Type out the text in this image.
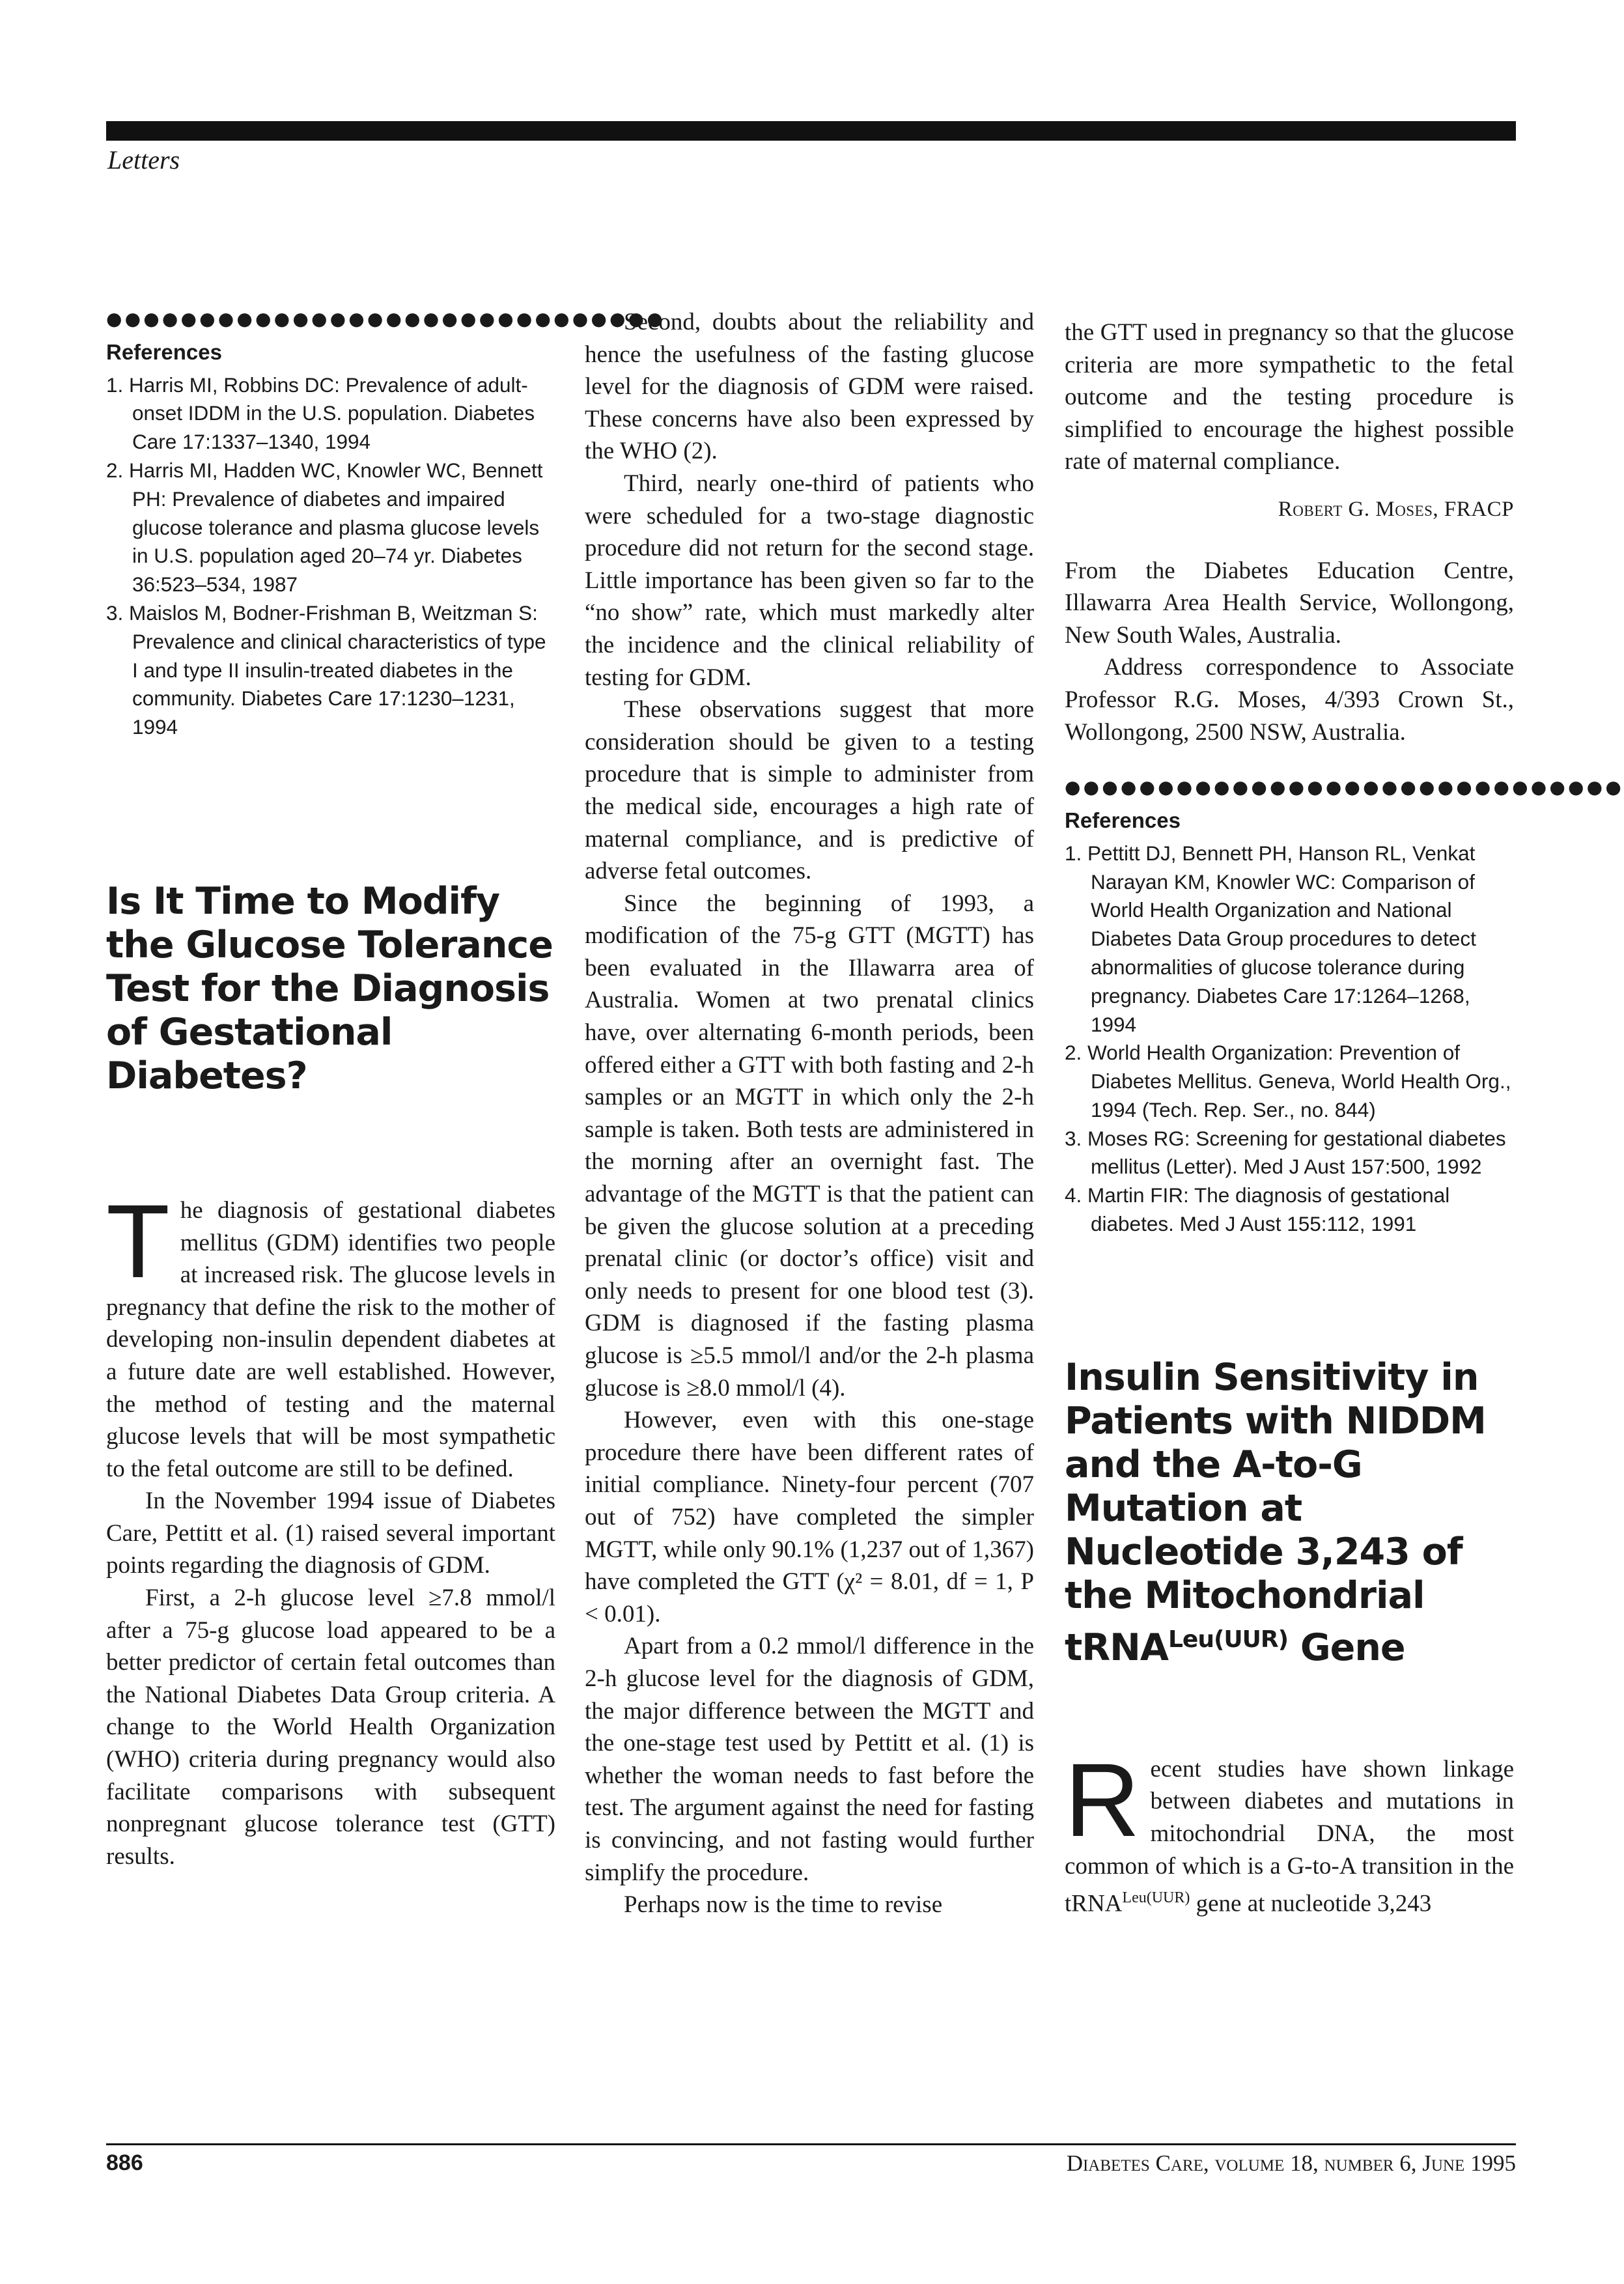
Letters
●●●●●●●●●●●●●●●●●●●●●●●●●●●●●●
References
1. Harris MI, Robbins DC: Prevalence of adult-onset IDDM in the U.S. population. Diabetes Care 17:1337–1340, 1994
2. Harris MI, Hadden WC, Knowler WC, Bennett PH: Prevalence of diabetes and impaired glucose tolerance and plasma glucose levels in U.S. population aged 20–74 yr. Diabetes 36:523–534, 1987
3. Maislos M, Bodner-Frishman B, Weitzman S: Prevalence and clinical characteristics of type I and type II insulin-treated diabetes in the community. Diabetes Care 17:1230–1231, 1994
Is It Time to Modify the Glucose Tolerance Test for the Diagnosis of Gestational Diabetes?

The diagnosis of gestational diabetes mellitus (GDM) identifies two people at increased risk. The glucose levels in pregnancy that define the risk to the mother of developing non-insulin dependent diabetes at a future date are well established. However, the method of testing and the maternal glucose levels that will be most sympathetic to the fetal outcome are still to be defined.

In the November 1994 issue of Diabetes Care, Pettitt et al. (1) raised several important points regarding the diagnosis of GDM.

First, a 2-h glucose level ≥7.8 mmol/l after a 75-g glucose load appeared to be a better predictor of certain fetal outcomes than the National Diabetes Data Group criteria. A change to the World Health Organization (WHO) criteria during pregnancy would also facilitate comparisons with subsequent nonpregnant glucose tolerance test (GTT) results.

Second, doubts about the reliability and hence the usefulness of the fasting glucose level for the diagnosis of GDM were raised. These concerns have also been expressed by the WHO (2).

Third, nearly one-third of patients who were scheduled for a two-stage diagnostic procedure did not return for the second stage. Little importance has been given so far to the “no show” rate, which must markedly alter the incidence and the clinical reliability of testing for GDM.

These observations suggest that more consideration should be given to a testing procedure that is simple to administer from the medical side, encourages a high rate of maternal compliance, and is predictive of adverse fetal outcomes.

Since the beginning of 1993, a modification of the 75-g GTT (MGTT) has been evaluated in the Illawarra area of Australia. Women at two prenatal clinics have, over alternating 6-month periods, been offered either a GTT with both fasting and 2-h samples or an MGTT in which only the 2-h sample is taken. Both tests are administered in the morning after an overnight fast. The advantage of the MGTT is that the patient can be given the glucose solution at a preceding prenatal clinic (or doctor’s office) visit and only needs to present for one blood test (3). GDM is diagnosed if the fasting plasma glucose is ≥5.5 mmol/l and/or the 2-h plasma glucose is ≥8.0 mmol/l (4).

However, even with this one-stage procedure there have been different rates of initial compliance. Ninety-four percent (707 out of 752) have completed the simpler MGTT, while only 90.1% (1,237 out of 1,367) have completed the GTT (χ² = 8.01, df = 1, P < 0.01).

Apart from a 0.2 mmol/l difference in the 2-h glucose level for the diagnosis of GDM, the major difference between the MGTT and the one-stage test used by Pettitt et al. (1) is whether the woman needs to fast before the test. The argument against the need for fasting is convincing, and not fasting would further simplify the procedure.

Perhaps now is the time to revise

the GTT used in pregnancy so that the glucose criteria are more sympathetic to the fetal outcome and the testing procedure is simplified to encourage the highest possible rate of maternal compliance.

Robert G. Moses, FRACP

From the Diabetes Education Centre, Illawarra Area Health Service, Wollongong, New South Wales, Australia.

Address correspondence to Associate Professor R.G. Moses, 4/393 Crown St., Wollongong, 2500 NSW, Australia.

●●●●●●●●●●●●●●●●●●●●●●●●●●●●●●
References
1. Pettitt DJ, Bennett PH, Hanson RL, Venkat Narayan KM, Knowler WC: Comparison of World Health Organization and National Diabetes Data Group procedures to detect abnormalities of glucose tolerance during pregnancy. Diabetes Care 17:1264–1268, 1994
2. World Health Organization: Prevention of Diabetes Mellitus. Geneva, World Health Org., 1994 (Tech. Rep. Ser., no. 844)
3. Moses RG: Screening for gestational diabetes mellitus (Letter). Med J Aust 157:500, 1992
4. Martin FIR: The diagnosis of gestational diabetes. Med J Aust 155:112, 1991
Insulin Sensitivity in Patients with NIDDM and the A-to-G Mutation at Nucleotide 3,243 of the Mitochondrial tRNA$^{Leu(UUR)}$ Gene

Recent studies have shown linkage between diabetes and mutations in mitochondrial DNA, the most common of which is a G-to-A transition in the tRNA$^{Leu(UUR)}$ gene at nucleotide 3,243

886	Diabetes Care, volume 18, number 6, June 1995
